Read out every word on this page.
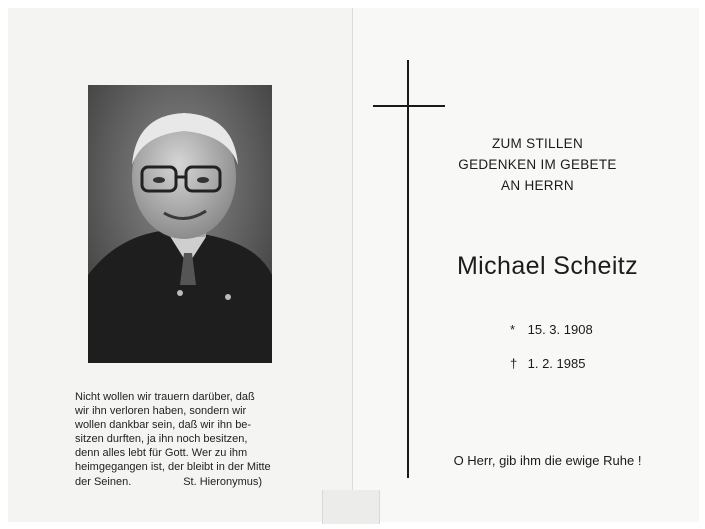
Nicht wollen wir trauern darüber, daß
wir ihn verloren haben, sondern wir
wollen dankbar sein, daß wir ihn be-
sitzen durften, ja ihn noch besitzen,
denn alles lebt für Gott. Wer zu ihm
heimgegangen ist, der bleibt in der Mitte
der Seinen.                 St. Hieronymus)
ZUM STILLEN
GEDENKEN IM GEBETE
AN HERRN
Michael Scheitz
* 15. 3. 1908
† 1. 2. 1985
O Herr, gib ihm die ewige Ruhe !
